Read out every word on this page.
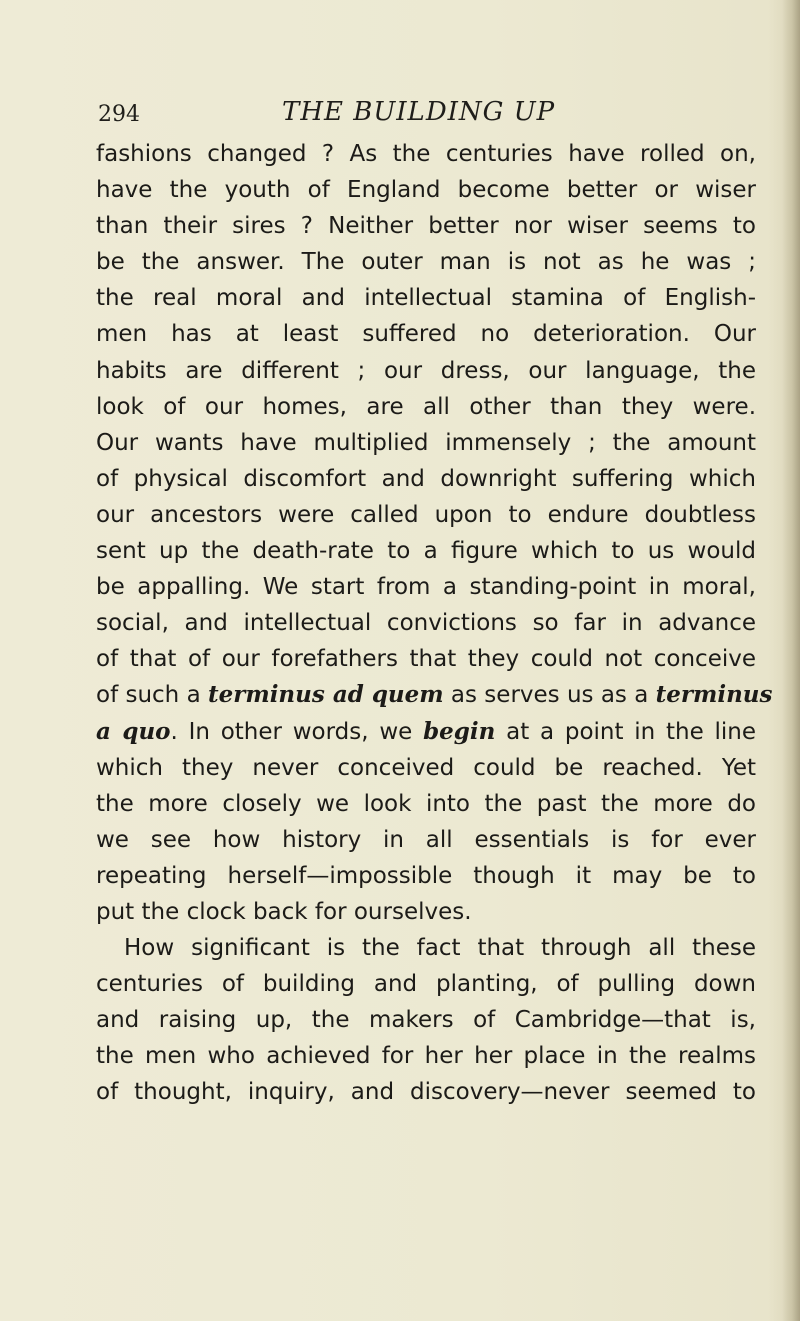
294	THE BUILDING UP
fashions changed ? As the centuries have rolled on,
have the youth of England become better or wiser
than their sires ? Neither better nor wiser seems to
be the answer. The outer man is not as he was ;
the real moral and intellectual stamina of English-
men has at least suffered no deterioration. Our
habits are different ; our dress, our language, the
look of our homes, are all other than they were.
Our wants have multiplied immensely ; the amount
of physical discomfort and downright suffering which
our ancestors were called upon to endure doubtless
sent up the death-rate to a figure which to us would
be appalling. We start from a standing-point in moral,
social, and intellectual convictions so far in advance
of that of our forefathers that they could not conceive
of such a terminus ad quem as serves us as a terminus
a quo. In other words, we begin at a point in the line
which they never conceived could be reached. Yet
the more closely we look into the past the more do
we see how history in all essentials is for ever
repeating herself—impossible though it may be to
put the clock back for ourselves.
How significant is the fact that through all these
centuries of building and planting, of pulling down
and raising up, the makers of Cambridge—that is,
the men who achieved for her her place in the realms
of thought, inquiry, and discovery—never seemed to
